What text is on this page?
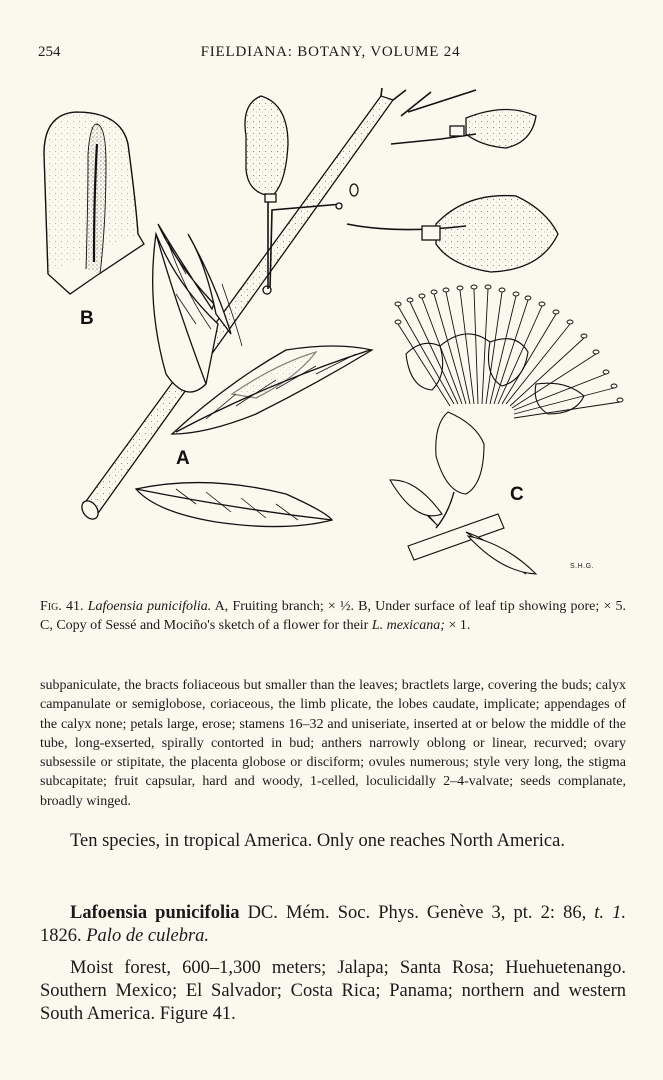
254	FIELDIANA: BOTANY, VOLUME 24
B
A
C
S.H.G.
Fig. 41. Lafoensia punicifolia. A, Fruiting branch; × ½. B, Under surface of leaf tip showing pore; × 5. C, Copy of Sessé and Mociño's sketch of a flower for their L. mexicana; × 1.

subpaniculate, the bracts foliaceous but smaller than the leaves; bractlets large, covering the buds; calyx campanulate or semiglobose, coriaceous, the limb plicate, the lobes caudate, implicate; appendages of the calyx none; petals large, erose; stamens 16–32 and uniseriate, inserted at or below the middle of the tube, long-exserted, spirally contorted in bud; anthers narrowly oblong or linear, recurved; ovary subsessile or stipitate, the placenta globose or disciform; ovules numerous; style very long, the stigma subcapitate; fruit capsular, hard and woody, 1-celled, loculicidally 2–4-valvate; seeds complanate, broadly winged.

Ten species, in tropical America. Only one reaches North America.

Lafoensia punicifolia DC. Mém. Soc. Phys. Genève 3, pt. 2: 86, t. 1. 1826. Palo de culebra.

Moist forest, 600–1,300 meters; Jalapa; Santa Rosa; Huehuetenango. Southern Mexico; El Salvador; Costa Rica; Panama; northern and western South America. Figure 41.
